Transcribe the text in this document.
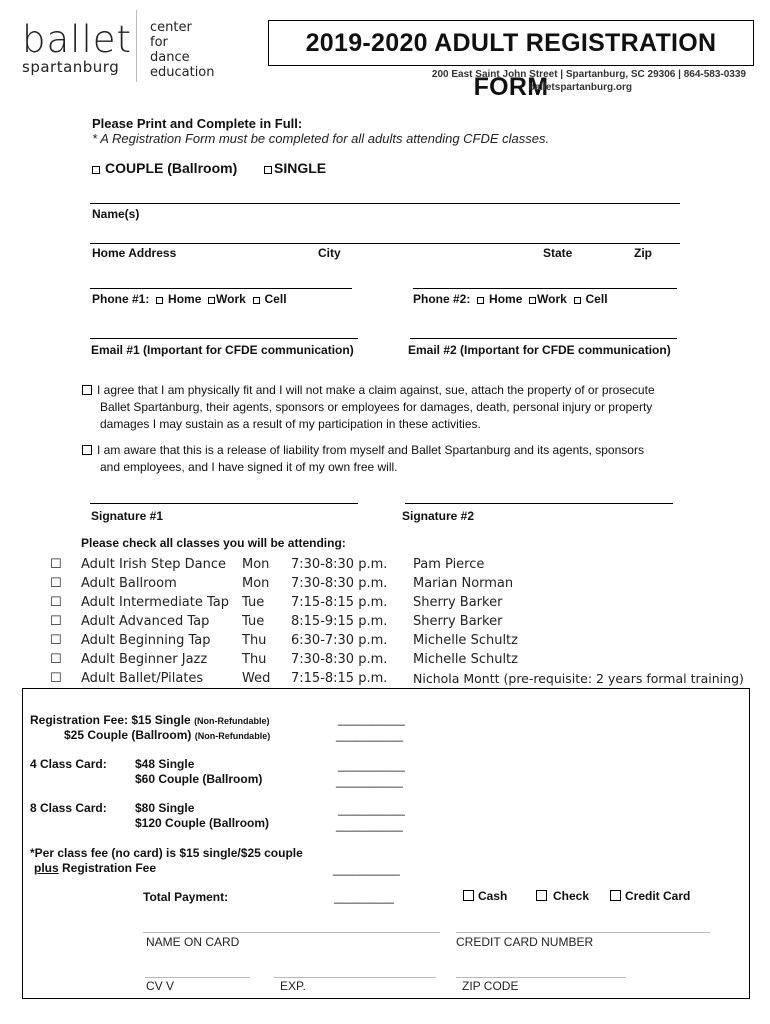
ballet
spartanburg
center
for
dance
education
2019-2020 ADULT REGISTRATION FORM
200 East Saint John Street | Spartanburg, SC 29306 | 864-583-0339
balletspartanburg.org
Please Print and Complete in Full:
* A Registration Form must be completed for all adults attending CFDE classes.
COUPLE (Ballroom)	SINGLE
Name(s)
Home Address	City	State	Zip
Phone #1: Home Work Cell	Phone #2: Home Work Cell
Email #1 (Important for CFDE communication)	Email #2 (Important for CFDE communication)
I agree that I am physically fit and I will not make a claim against, sue, attach the property of or prosecute
Ballet Spartanburg, their agents, sponsors or employees for damages, death, personal injury or property
damages I may sustain as a result of my participation in these activities.
I am aware that this is a release of liability from myself and Ballet Spartanburg and its agents, sponsors
and employees, and I have signed it of my own free will.
Signature #1	Signature #2
Please check all classes you will be attending:
☐ Adult Irish Step Dance Mon 7:30-8:30 p.m. Pam Pierce
☐ Adult Ballroom	Mon 7:30-8:30 p.m. Marian Norman
☐ Adult Intermediate Tap Tue 7:15-8:15 p.m. Sherry Barker
☐ Adult Advanced Tap	Tue 8:15-9:15 p.m. Sherry Barker
☐ Adult Beginning Tap Thu 6:30-7:30 p.m. Michelle Schultz
☐ Adult Beginner Jazz	Thu 7:30-8:30 p.m. Michelle Schultz
☐ Adult Ballet/Pilates	Wed 7:15-8:15 p.m. Nichola Montt (pre-requisite: 2 years formal training)
Registration Fee: $15 Single (Non-Refundable)
$25 Couple (Ballroom) (Non-Refundable)
__________
__________
4 Class Card: $48 Single
$60 Couple (Ballroom)
__________
__________
8 Class Card: $80 Single
$120 Couple (Ballroom)
__________
__________
*Per class fee (no card) is $15 single/$25 couple
plus Registration Fee	__________
Total Payment:	_________	Cash	Check	Credit Card
NAME ON CARD	CREDIT CARD NUMBER
CV V	EXP.	ZIP CODE
